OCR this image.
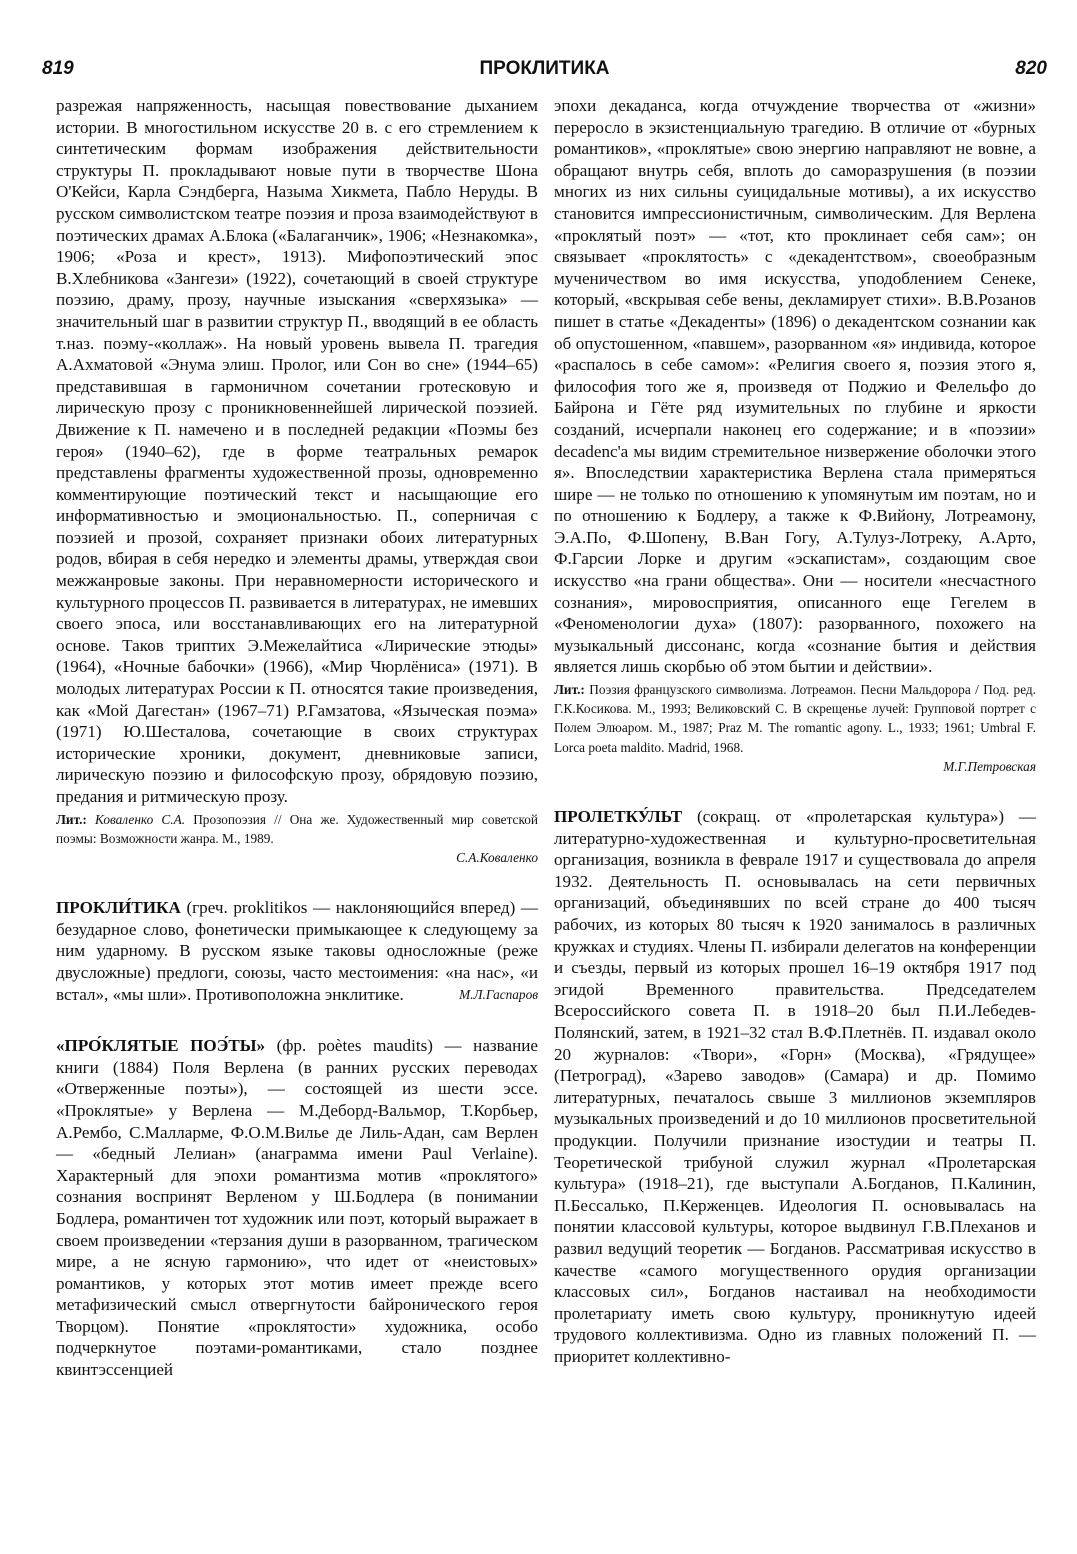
819	ПРОКЛИТИКА	820

разрежая напряженность, насыщая повествование дыханием истории. В многостильном искусстве 20 в. с его стремлением к синтетическим формам изображения действительности структуры П. прокладывают новые пути в творчестве Шона О'Кейси, Карла Сэндберга, Назыма Хикмета, Пабло Неруды. В русском символистском театре поэзия и проза взаимодействуют в поэтических драмах А.Блока («Балаганчик», 1906; «Незнакомка», 1906; «Роза и крест», 1913). Мифопоэтический эпос В.Хлебникова «Зангези» (1922), сочетающий в своей структуре поэзию, драму, прозу, научные изыскания «сверхязыка» — значительный шаг в развитии структур П., вводящий в ее область т.наз. поэму-«коллаж». На новый уровень вывела П. трагедия А.Ахматовой «Энума элиш. Пролог, или Сон во сне» (1944–65) представившая в гармоничном сочетании гротесковую и лирическую прозу с проникновеннейшей лирической поэзией. Движение к П. намечено и в последней редакции «Поэмы без героя» (1940–62), где в форме театральных ремарок представлены фрагменты художественной прозы, одновременно комментирующие поэтический текст и насыщающие его информативностью и эмоциональностью. П., соперничая с поэзией и прозой, сохраняет признаки обоих литературных родов, вбирая в себя нередко и элементы драмы, утверждая свои межжанровые законы. При неравномерности исторического и культурного процессов П. развивается в литературах, не имевших своего эпоса, или восстанавливающих его на литературной основе. Таков триптих Э.Межелайтиса «Лирические этюды» (1964), «Ночные бабочки» (1966), «Мир Чюрлёниса» (1971). В молодых литературах России к П. относятся такие произведения, как «Мой Дагестан» (1967–71) Р.Гамзатова, «Языческая поэма» (1971) Ю.Шесталова, сочетающие в своих структурах исторические хроники, документ, дневниковые записи, лирическую поэзию и философскую прозу, обрядовую поэзию, предания и ритмическую прозу.

Лит.: Коваленко С.А. Прозопоэзия // Она же. Художественный мир советской поэмы: Возможности жанра. М., 1989.
С.А.Коваленко

ПРОКЛИ́ТИКА (греч. proklitikos — наклоняющийся вперед) — безударное слово, фонетически примыкающее к следующему за ним ударному. В русском языке таковы односложные (реже двусложные) предлоги, союзы, часто местоимения: «на нас», «и встал», «мы шли». Противоположна энклитике.	М.Л.Гаспаров

«ПРО́КЛЯТЫЕ ПОЭ́ТЫ» (фр. poètes maudits) — название книги (1884) Поля Верлена (в ранних русских переводах «Отверженные поэты»), — состоящей из шести эссе. «Проклятые» у Верлена — М.Деборд-Вальмор, Т.Корбьер, А.Рембо, С.Малларме, Ф.О.М.Вилье де Лиль-Адан, сам Верлен — «бедный Лелиан» (анаграмма имени Paul Verlaine). Характерный для эпохи романтизма мотив «проклятого» сознания воспринят Верленом у Ш.Бодлера (в понимании Бодлера, романтичен тот художник или поэт, который выражает в своем произведении «терзания души в разорванном, трагическом мире, а не ясную гармонию», что идет от «неистовых» романтиков, у которых этот мотив имеет прежде всего метафизический смысл отвергнутости байронического героя Творцом). Понятие «проклятости» художника, особо подчеркнутое поэтами-романтиками, стало позднее квинтэссенцией

эпохи декаданса, когда отчуждение творчества от «жизни» переросло в экзистенциальную трагедию. В отличие от «бурных романтиков», «проклятые» свою энергию направляют не вовне, а обращают внутрь себя, вплоть до саморазрушения (в поэзии многих из них сильны суицидальные мотивы), а их искусство становится импрессионистичным, символическим. Для Верлена «проклятый поэт» — «тот, кто проклинает себя сам»; он связывает «проклятость» с «декадентством», своеобразным мученичеством во имя искусства, уподоблением Сенеке, который, «вскрывая себе вены, декламирует стихи». В.В.Розанов пишет в статье «Декаденты» (1896) о декадентском сознании как об опустошенном, «павшем», разорванном «я» индивида, которое «распалось в себе самом»: «Религия своего я, поэзия этого я, философия того же я, произведя от Поджио и Фелельфо до Байрона и Гёте ряд изумительных по глубине и яркости созданий, исчерпали наконец его содержание; и в «поэзии» decadenc'а мы видим стремительное низвержение оболочки этого я». Впоследствии характеристика Верлена стала примеряться шире — не только по отношению к упомянутым им поэтам, но и по отношению к Бодлеру, а также к Ф.Вийону, Лотреамону, Э.А.По, Ф.Шопену, В.Ван Гогу, А.Тулуз-Лотреку, А.Арто, Ф.Гарсии Лорке и другим «эскапистам», создающим свое искусство «на грани общества». Они — носители «несчастного сознания», мировосприятия, описанного еще Гегелем в «Феноменологии духа» (1807): разорванного, похожего на музыкальный диссонанс, когда «сознание бытия и действия является лишь скорбью об этом бытии и действии».

Лит.: Поэзия французского символизма. Лотреамон. Песни Мальдорора / Под. ред. Г.К.Косикова. М., 1993; Великовский С. В скрещенье лучей: Групповой портрет с Полем Элюаром. М., 1987; Praz M. The romantic agony. L., 1933; 1961; Umbral F. Lorca poeta maldito. Madrid, 1968.
М.Г.Петровская

ПРОЛЕТКУ́ЛЬТ (сокращ. от «пролетарская культура») — литературно-художественная и культурно-просветительная организация, возникла в феврале 1917 и существовала до апреля 1932. Деятельность П. основывалась на сети первичных организаций, объединявших по всей стране до 400 тысяч рабочих, из которых 80 тысяч к 1920 занималось в различных кружках и студиях. Члены П. избирали делегатов на конференции и съезды, первый из которых прошел 16–19 октября 1917 под эгидой Временного правительства. Председателем Всероссийского совета П. в 1918–20 был П.И.Лебедев-Полянский, затем, в 1921–32 стал В.Ф.Плетнёв. П. издавал около 20 журналов: «Твори», «Горн» (Москва), «Грядущее» (Петроград), «Зарево заводов» (Самара) и др. Помимо литературных, печаталось свыше 3 миллионов экземпляров музыкальных произведений и до 10 миллионов просветительной продукции. Получили признание изостудии и театры П. Теоретической трибуной служил журнал «Пролетарская культура» (1918–21), где выступали А.Богданов, П.Калинин, П.Бессалько, П.Керженцев. Идеология П. основывалась на понятии классовой культуры, которое выдвинул Г.В.Плеханов и развил ведущий теоретик — Богданов. Рассматривая искусство в качестве «самого могущественного орудия организации классовых сил», Богданов настаивал на необходимости пролетариату иметь свою культуру, проникнутую идеей трудового коллективизма. Одно из главных положений П. — приоритет коллективно-
